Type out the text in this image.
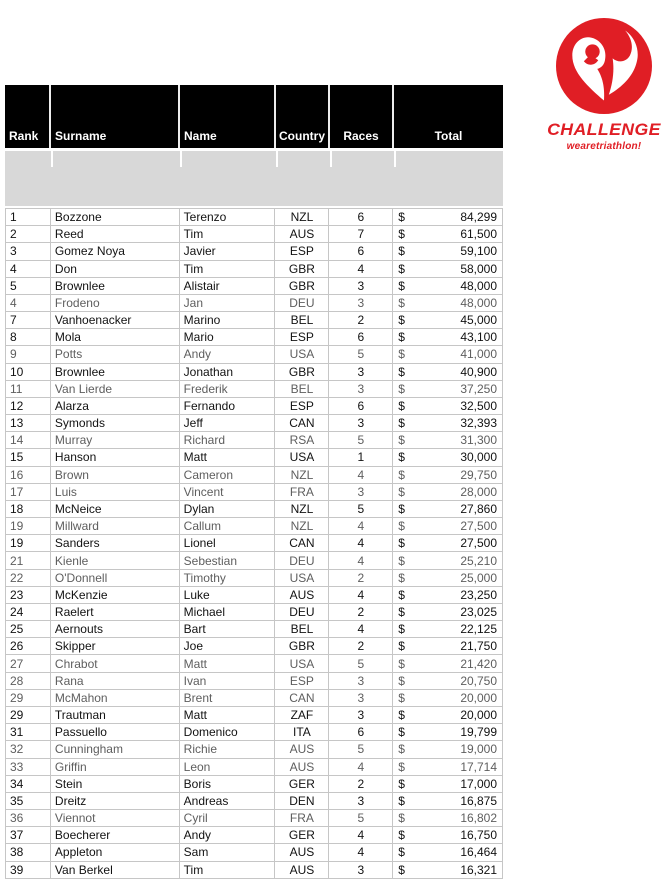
CHALLENGE
wearetriathlon!
Rank	Surname	Name	Country	Races	Total
1	Bozzone	Terenzo	NZL	6	$	84,299
2	Reed	Tim	AUS	7	$	61,500
3	Gomez Noya	Javier	ESP	6	$	59,100
4	Don	Tim	GBR	4	$	58,000
5	Brownlee	Alistair	GBR	3	$	48,000
4	Frodeno	Jan	DEU	3	$	48,000
7	Vanhoenacker	Marino	BEL	2	$	45,000
8	Mola	Mario	ESP	6	$	43,100
9	Potts	Andy	USA	5	$	41,000
10	Brownlee	Jonathan	GBR	3	$	40,900
11	Van Lierde	Frederik	BEL	3	$	37,250
12	Alarza	Fernando	ESP	6	$	32,500
13	Symonds	Jeff	CAN	3	$	32,393
14	Murray	Richard	RSA	5	$	31,300
15	Hanson	Matt	USA	1	$	30,000
16	Brown	Cameron	NZL	4	$	29,750
17	Luis	Vincent	FRA	3	$	28,000
18	McNeice	Dylan	NZL	5	$	27,860
19	Millward	Callum	NZL	4	$	27,500
19	Sanders	Lionel	CAN	4	$	27,500
21	Kienle	Sebestian	DEU	4	$	25,210
22	O'Donnell	Timothy	USA	2	$	25,000
23	McKenzie	Luke	AUS	4	$	23,250
24	Raelert	Michael	DEU	2	$	23,025
25	Aernouts	Bart	BEL	4	$	22,125
26	Skipper	Joe	GBR	2	$	21,750
27	Chrabot	Matt	USA	5	$	21,420
28	Rana	Ivan	ESP	3	$	20,750
29	McMahon	Brent	CAN	3	$	20,000
29	Trautman	Matt	ZAF	3	$	20,000
31	Passuello	Domenico	ITA	6	$	19,799
32	Cunningham	Richie	AUS	5	$	19,000
33	Griffin	Leon	AUS	4	$	17,714
34	Stein	Boris	GER	2	$	17,000
35	Dreitz	Andreas	DEN	3	$	16,875
36	Viennot	Cyril	FRA	5	$	16,802
37	Boecherer	Andy	GER	4	$	16,750
38	Appleton	Sam	AUS	4	$	16,464
39	Van Berkel	Tim	AUS	3	$	16,321
